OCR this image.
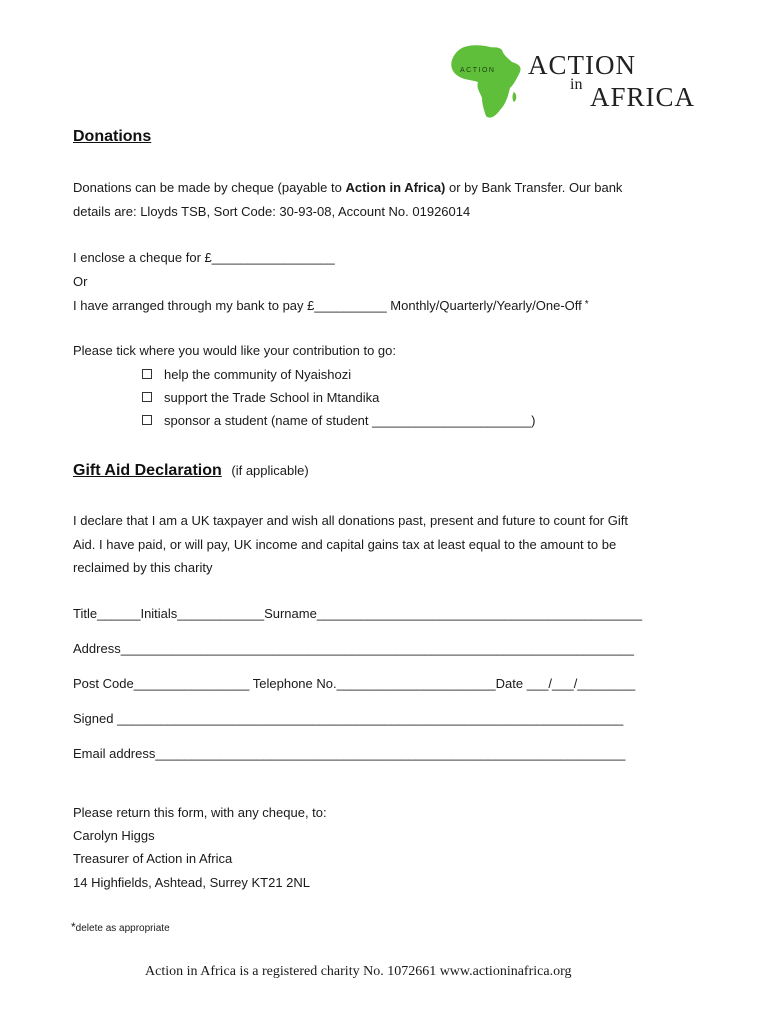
ACTION ACTION
in AFRICA
Donations
Donations can be made by cheque (payable to Action in Africa) or by Bank Transfer. Our bank
details are: Lloyds TSB, Sort Code: 30-93-08, Account No. 01926014
I enclose a cheque for £_________________
Or
I have arranged through my bank to pay £__________ Monthly/Quarterly/Yearly/One-Off *
Please tick where you would like your contribution to go:
help the community of Nyaishozi
support the Trade School in Mtandika
sponsor a student (name of student ______________________)
Gift Aid Declaration (if applicable)
I declare that I am a UK taxpayer and wish all donations past, present and future to count for Gift
Aid. I have paid, or will pay, UK income and capital gains tax at least equal to the amount to be
reclaimed by this charity
Title______Initials____________Surname_____________________________________________
Address_______________________________________________________________________
Post Code________________ Telephone No.______________________Date ___/___/________
Signed ______________________________________________________________________
Email address_________________________________________________________________
Please return this form, with any cheque, to:
Carolyn Higgs
Treasurer of Action in Africa
14 Highfields, Ashtead, Surrey KT21 2NL
*delete as appropriate
Action in Africa is a registered charity No. 1072661 www.actioninafrica.org
